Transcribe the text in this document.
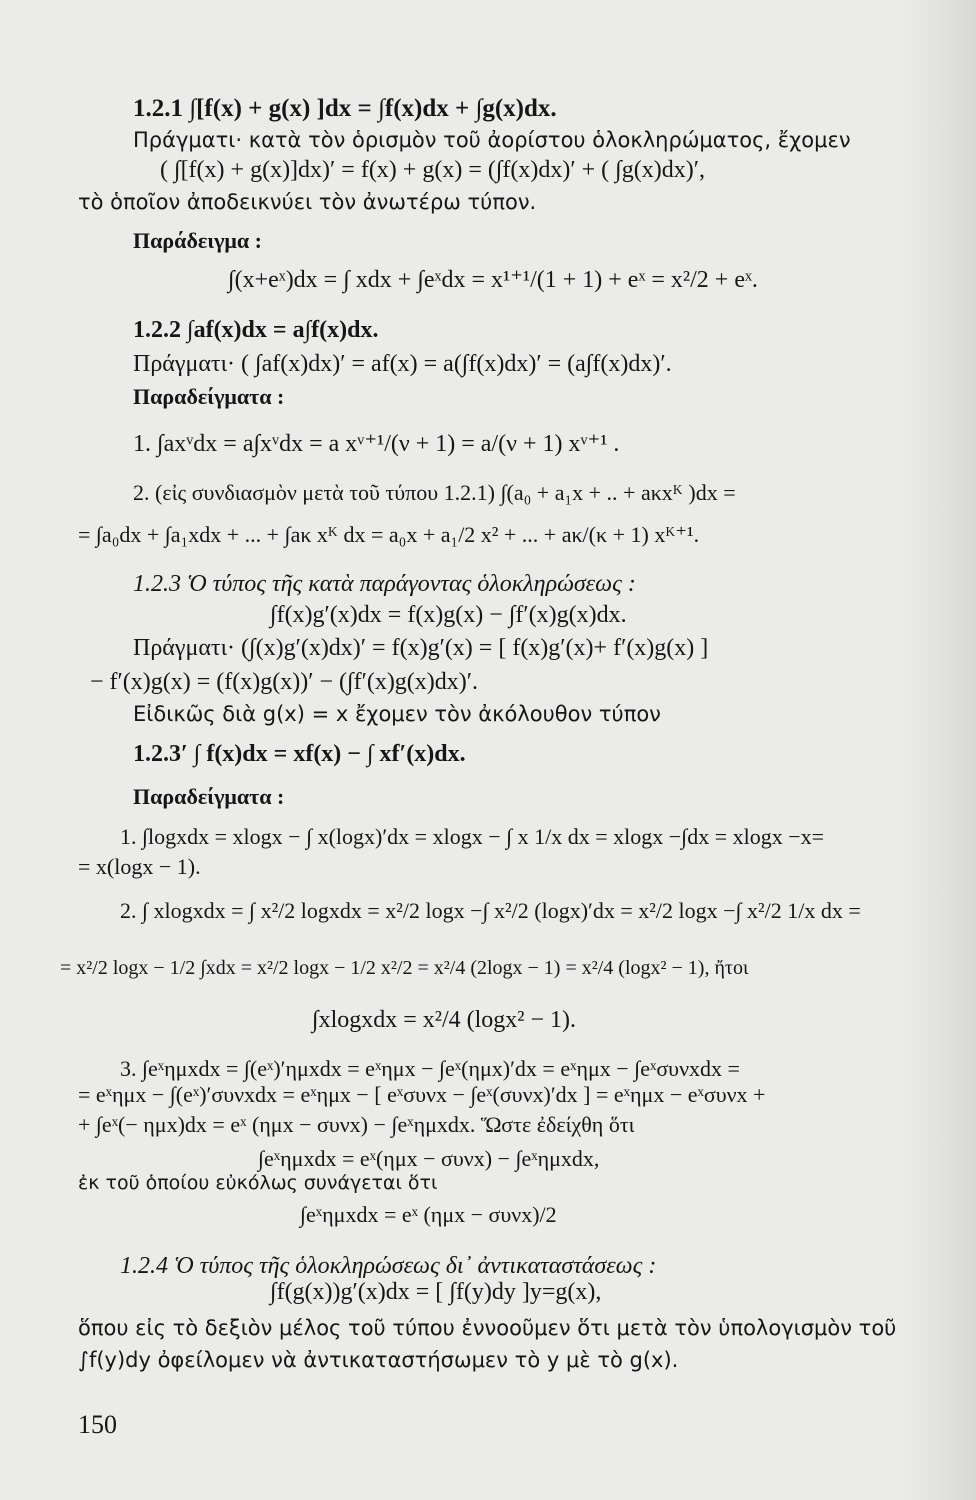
1.2.1 ∫[f(x) + g(x) ]dx = ∫f(x)dx + ∫g(x)dx.
Πράγματι· κατὰ τὸν ὁρισμὸν τοῦ ἀορίστου ὁλοκληρώματος, ἔχομεν
( ∫[f(x) + g(x)]dx)′ = f(x) + g(x) = (∫f(x)dx)′ + ( ∫g(x)dx)′,
τὸ ὁποῖον ἀποδεικνύει τὸν ἀνωτέρω τύπον.
Παράδειγμα :
∫(x+eˣ)dx = ∫ xdx + ∫eˣdx = x¹⁺¹/(1 + 1) + eˣ = x²/2 + eˣ.
1.2.2 ∫af(x)dx = a∫f(x)dx.
Πράγματι· ( ∫af(x)dx)′ = af(x) = a(∫f(x)dx)′ = (a∫f(x)dx)′.
Παραδείγματα :
1. ∫axᵛdx = a∫xᵛdx = a xᵛ⁺¹/(ν + 1) = a/(ν + 1) xᵛ⁺¹ .
2. (εἰς συνδιασμὸν μετὰ τοῦ τύπου 1.2.1) ∫(a₀ + a₁x + .. + aκxᴷ )dx =
= ∫a₀dx + ∫a₁xdx + ... + ∫aκ xᴷ dx = a₀x + a₁/2 x² + ... + aκ/(κ + 1) xᴷ⁺¹.
1.2.3 Ὁ τύπος τῆς κατὰ παράγοντας ὁλοκληρώσεως :
∫f(x)g′(x)dx = f(x)g(x) − ∫f′(x)g(x)dx.
Πράγματι· (∫(x)g′(x)dx)′ = f(x)g′(x) = [ f(x)g′(x)+ f′(x)g(x) ]
− f′(x)g(x) = (f(x)g(x))′ − (∫f′(x)g(x)dx)′.
Εἰδικῶς διὰ g(x) = x ἔχομεν τὸν ἀκόλουθον τύπον
1.2.3′ ∫ f(x)dx = xf(x) − ∫ xf′(x)dx.
Παραδείγματα :
1. ∫logxdx = xlogx − ∫ x(logx)′dx = xlogx − ∫ x 1/x dx = xlogx −∫dx = xlogx −x=
= x(logx − 1).
2. ∫ xlogxdx = ∫ x²/2 logxdx = x²/2 logx −∫ x²/2 (logx)′dx = x²/2 logx −∫ x²/2 1/x dx =
= x²/2 logx − 1/2 ∫xdx = x²/2 logx − 1/2 x²/2 = x²/4 (2logx − 1) = x²/4 (logx² − 1), ἤτοι
∫xlogxdx = x²/4 (logx² − 1).
3. ∫eˣημxdx = ∫(eˣ)′ημxdx = eˣημx − ∫eˣ(ημx)′dx = eˣημx − ∫eˣσυνxdx =
= eˣημx − ∫(eˣ)′συνxdx = eˣημx − [ eˣσυνx − ∫eˣ(συνx)′dx ] = eˣημx − eˣσυνx +
+ ∫eˣ(− ημx)dx = eˣ (ημx − συνx) − ∫eˣημxdx. Ὥστε ἐδείχθη ὅτι
∫eˣημxdx = eˣ(ημx − συνx) − ∫eˣημxdx,
ἐκ τοῦ ὁποίου εὐκόλως συνάγεται ὅτι
∫eˣημxdx = eˣ (ημx − συνx)/2
1.2.4 Ὁ τύπος τῆς ὁλοκληρώσεως δι᾽ ἀντικαταστάσεως :
∫f(g(x))g′(x)dx = [ ∫f(y)dy ]y=g(x),
ὅπου εἰς τὸ δεξιὸν μέλος τοῦ τύπου ἐννοοῦμεν ὅτι μετὰ τὸν ὑπολογισμὸν τοῦ
∫f(y)dy ὀφείλομεν νὰ ἀντικαταστήσωμεν τὸ y μὲ τὸ g(x).
150
